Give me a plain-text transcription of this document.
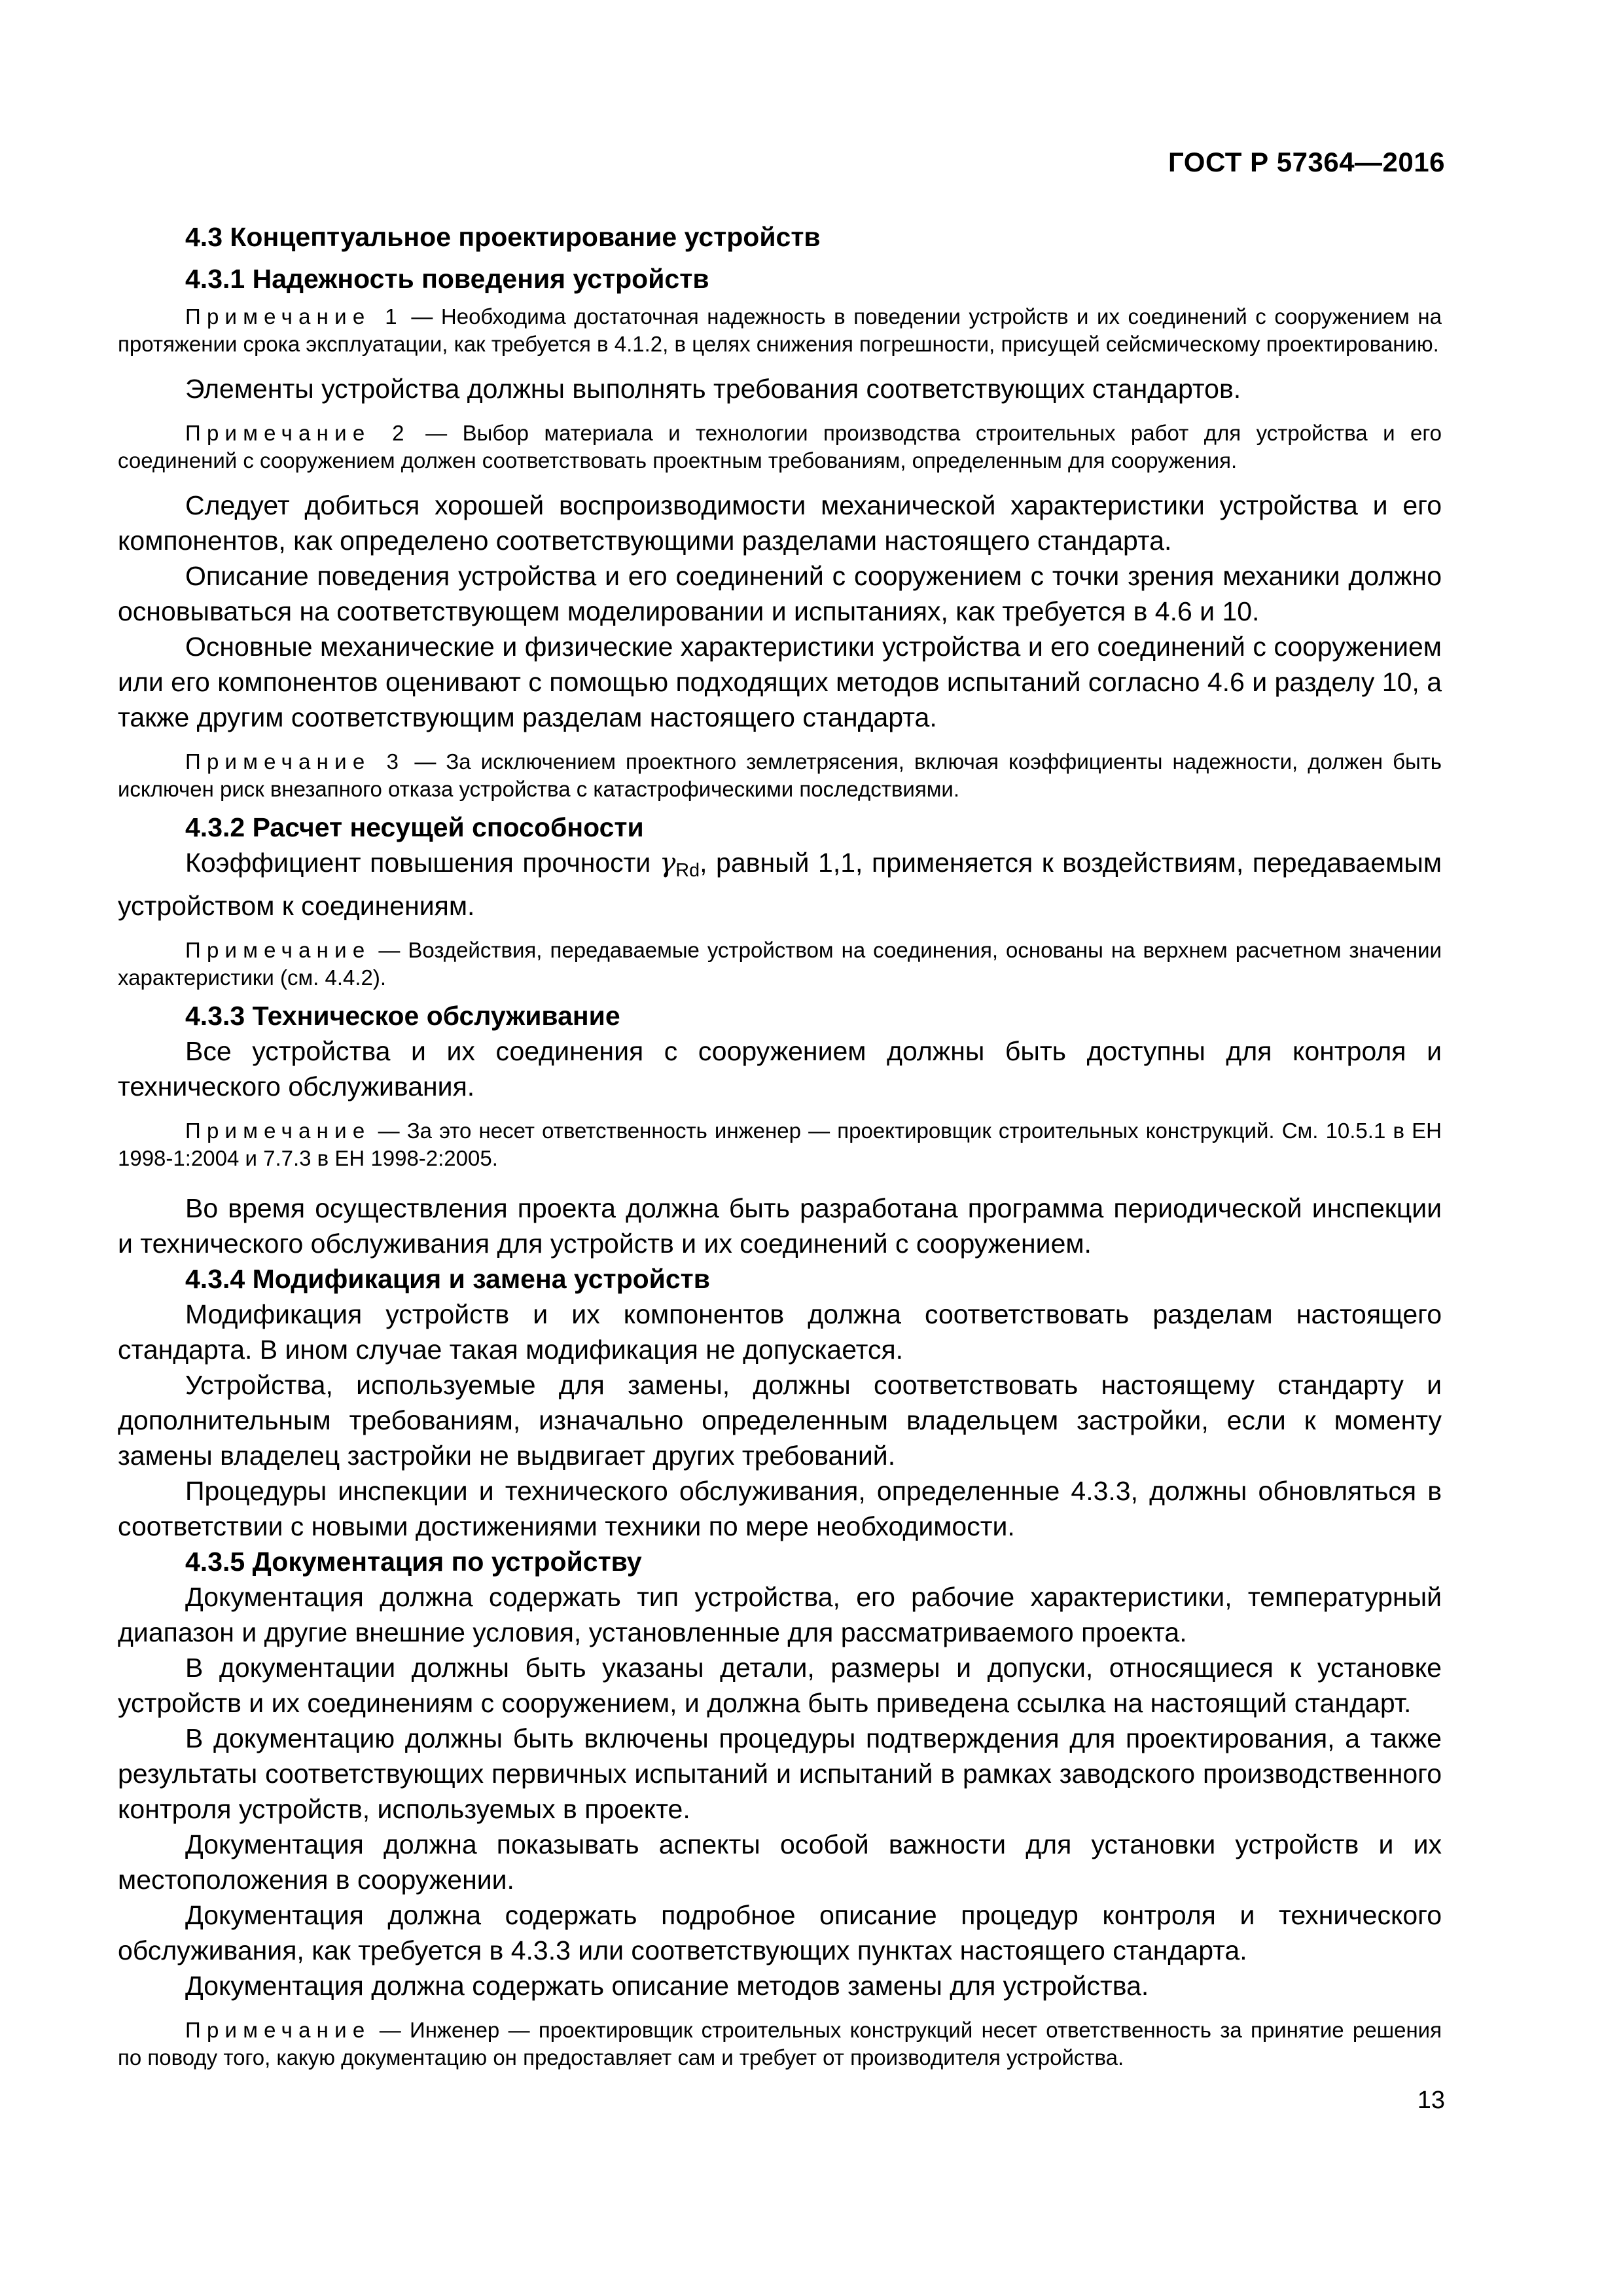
ГОСТ Р 57364—2016
4.3 Концептуальное проектирование устройств
4.3.1 Надежность поведения устройств
Примечание 1 — Необходима достаточная надежность в поведении устройств и их соединений с сооружением на протяжении срока эксплуатации, как требуется в 4.1.2, в целях снижения погрешности, присущей сейсмическому проектированию.
Элементы устройства должны выполнять требования соответствующих стандартов.
Примечание 2 — Выбор материала и технологии производства строительных работ для устройства и его соединений с сооружением должен соответствовать проектным требованиям, определенным для сооружения.
Следует добиться хорошей воспроизводимости механической характеристики устройства и его компонентов, как определено соответствующими разделами настоящего стандарта.
Описание поведения устройства и его соединений с сооружением с точки зрения механики должно основываться на соответствующем моделировании и испытаниях, как требуется в 4.6 и 10.
Основные механические и физические характеристики устройства и его соединений с сооружением или его компонентов оценивают с помощью подходящих методов испытаний согласно 4.6 и разделу 10, а также другим соответствующим разделам настоящего стандарта.
Примечание 3 — За исключением проектного землетрясения, включая коэффициенты надежности, должен быть исключен риск внезапного отказа устройства с катастрофическими последствиями.
4.3.2 Расчет несущей способности
Коэффициент повышения прочности $\gamma_{Rd}$, равный 1,1, применяется к воздействиям, передаваемым устройством к соединениям.
Примечание — Воздействия, передаваемые устройством на соединения, основаны на верхнем расчетном значении характеристики (см. 4.4.2).
4.3.3 Техническое обслуживание
Все устройства и их соединения с сооружением должны быть доступны для контроля и технического обслуживания.
Примечание — За это несет ответственность инженер — проектировщик строительных конструкций. См. 10.5.1 в ЕН 1998-1:2004 и 7.7.3 в ЕН 1998-2:2005.
Во время осуществления проекта должна быть разработана программа периодической инспекции и технического обслуживания для устройств и их соединений с сооружением.
4.3.4 Модификация и замена устройств
Модификация устройств и их компонентов должна соответствовать разделам настоящего стандарта. В ином случае такая модификация не допускается.
Устройства, используемые для замены, должны соответствовать настоящему стандарту и дополнительным требованиям, изначально определенным владельцем застройки, если к моменту замены владелец застройки не выдвигает других требований.
Процедуры инспекции и технического обслуживания, определенные 4.3.3, должны обновляться в соответствии с новыми достижениями техники по мере необходимости.
4.3.5 Документация по устройству
Документация должна содержать тип устройства, его рабочие характеристики, температурный диапазон и другие внешние условия, установленные для рассматриваемого проекта.
В документации должны быть указаны детали, размеры и допуски, относящиеся к установке устройств и их соединениям с сооружением, и должна быть приведена ссылка на настоящий стандарт.
В документацию должны быть включены процедуры подтверждения для проектирования, а также результаты соответствующих первичных испытаний и испытаний в рамках заводского производственного контроля устройств, используемых в проекте.
Документация должна показывать аспекты особой важности для установки устройств и их местоположения в сооружении.
Документация должна содержать подробное описание процедур контроля и технического обслуживания, как требуется в 4.3.3 или соответствующих пунктах настоящего стандарта.
Документация должна содержать описание методов замены для устройства.
Примечание — Инженер — проектировщик строительных конструкций несет ответственность за принятие решения по поводу того, какую документацию он предоставляет сам и требует от производителя устройства.
13
